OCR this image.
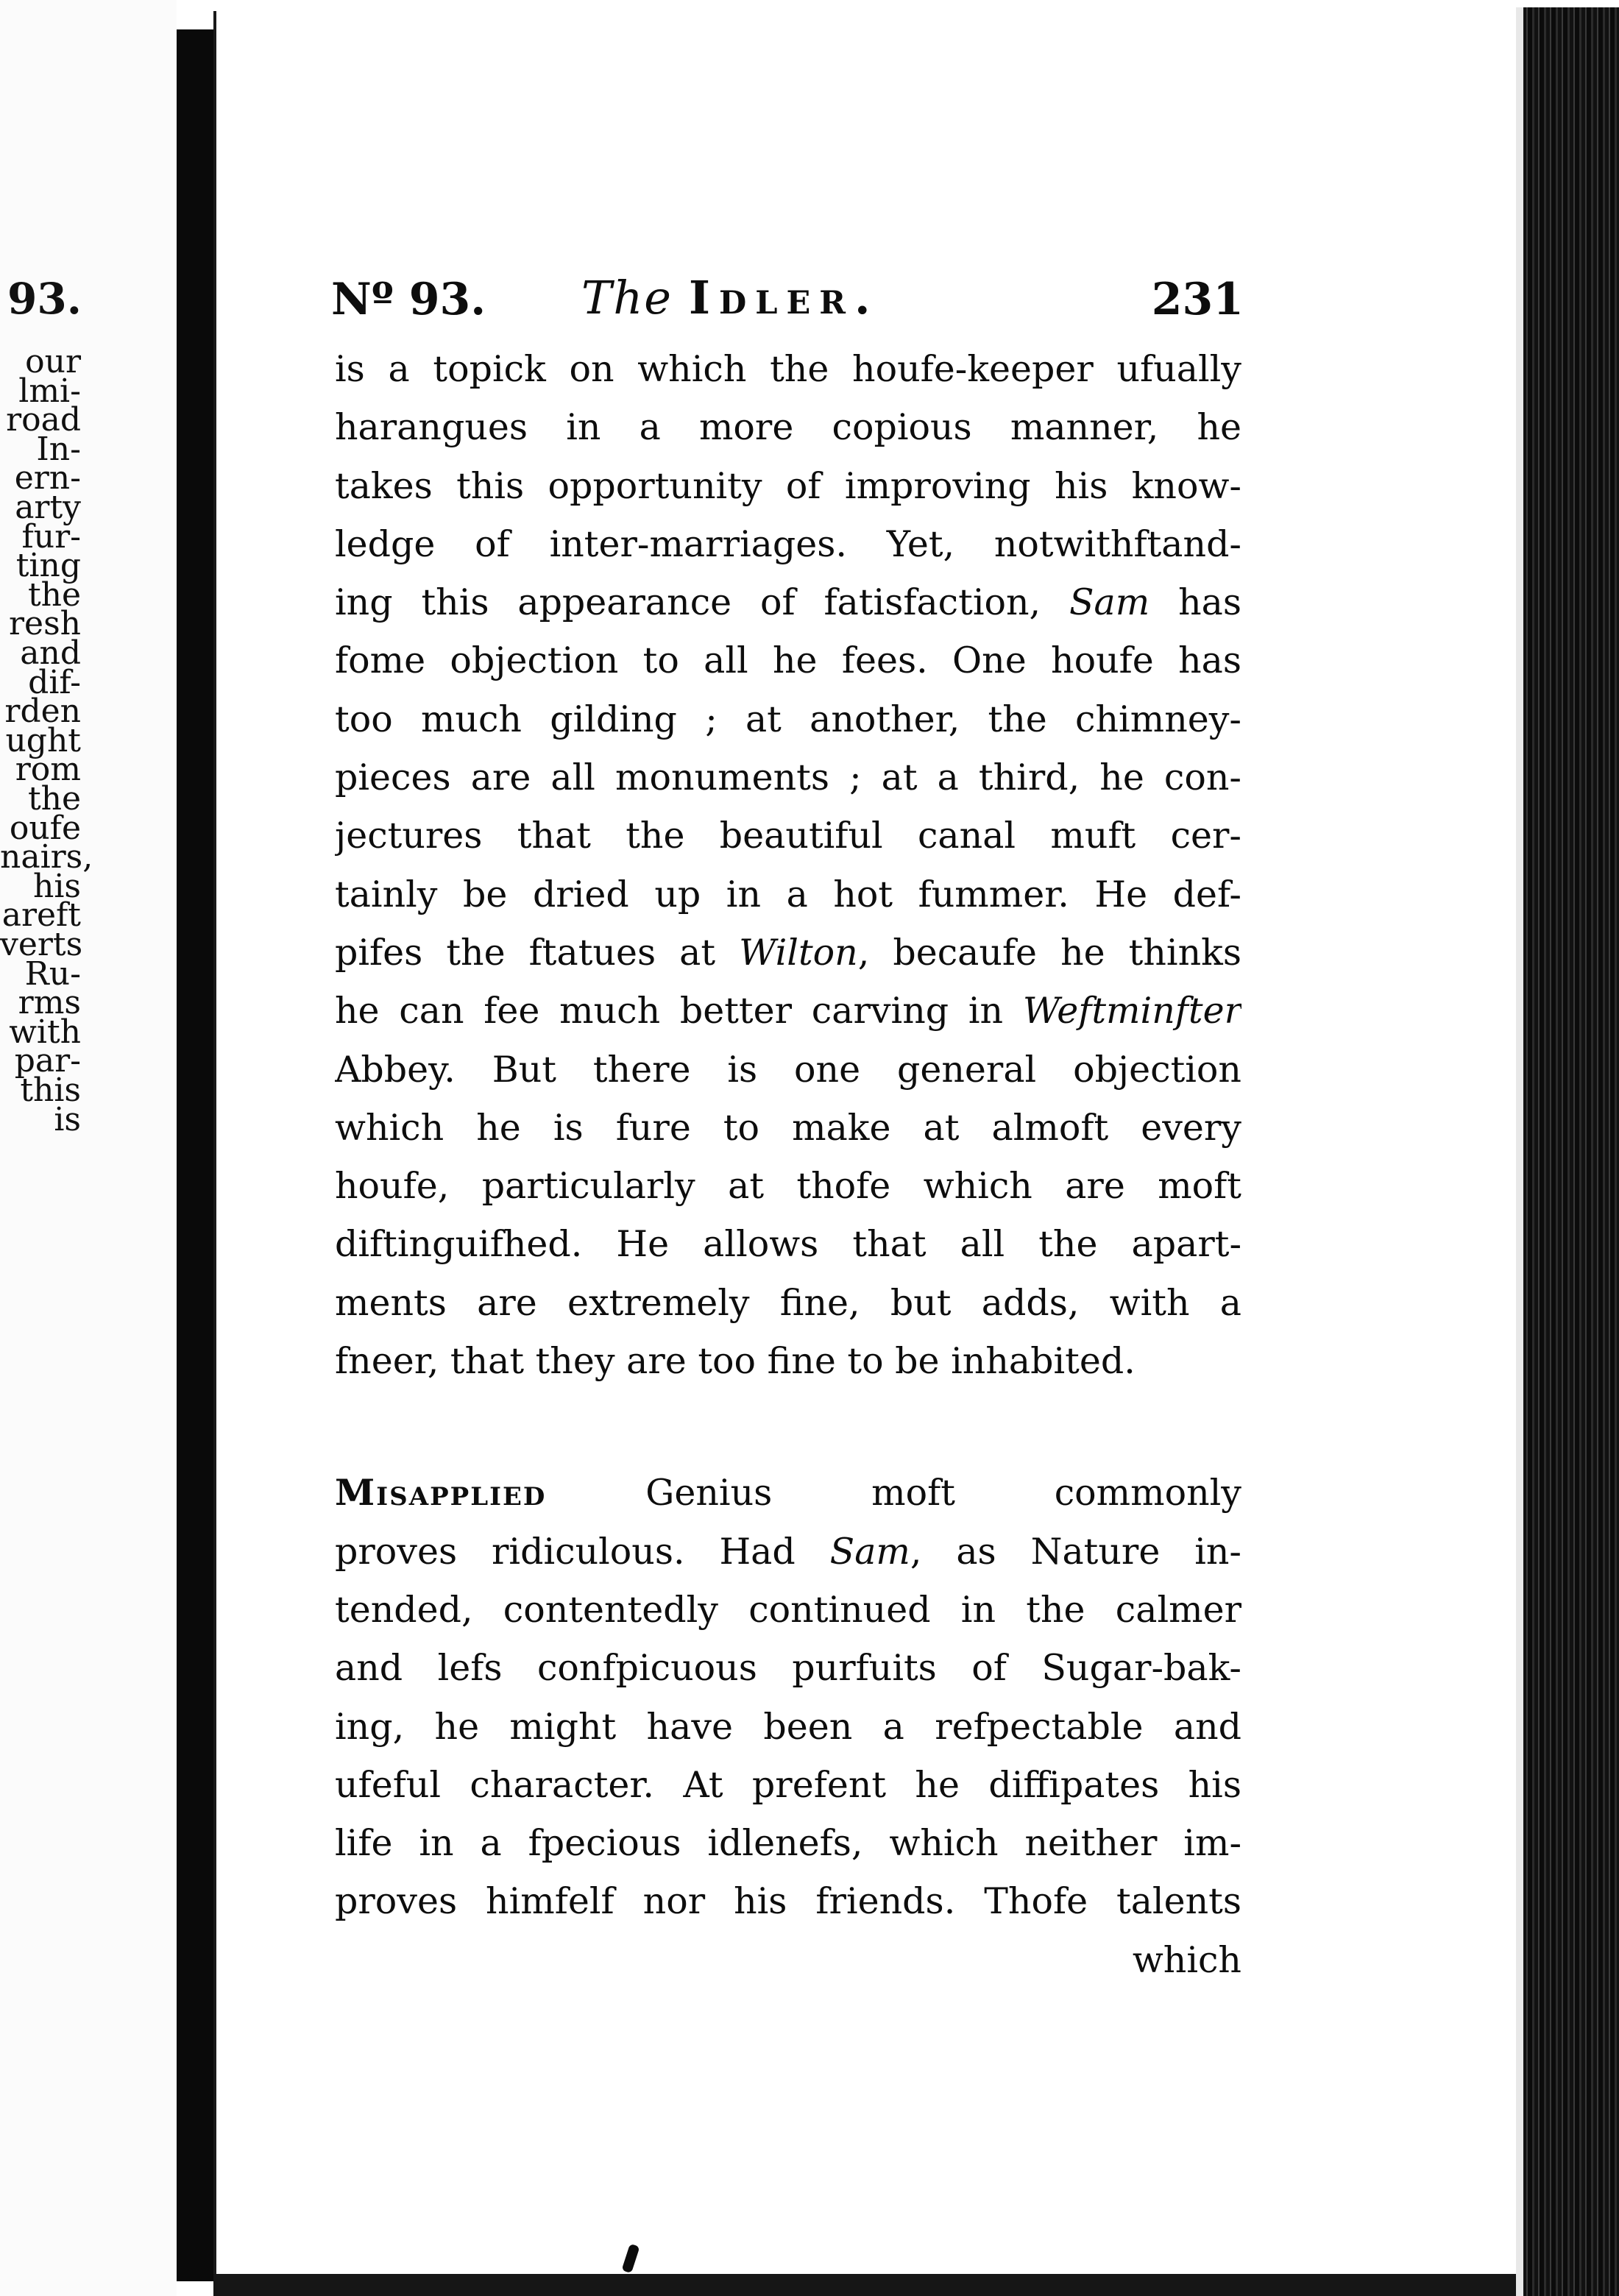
93.
our
lmi-
road
In-
ern-
arty
fur-
ting
the
resh
and
dif-
rden
ught
rom
the
oufe
nairs,
his
areft
verts
Ru-
rms
with
par-
this
is
Nº 93. The Idler.	231
is a topick on which the houfe-keeper ufually
harangues in a more copious manner, he
takes this opportunity of improving his know-
ledge of inter-marriages. Yet, notwithftand-
ing this appearance of fatisfaction, Sam has
fome objection to all he fees. One houfe has
too much gilding ; at another, the chimney-
pieces are all monuments ; at a third, he con-
jectures that the beautiful canal muft cer-
tainly be dried up in a hot fummer. He def-
pifes the ftatues at Wilton, becaufe he thinks
he can fee much better carving in Weftminfter
Abbey. But there is one general objection
which he is fure to make at almoft every
houfe, particularly at thofe which are moft
diftinguifhed. He allows that all the apart-
ments are extremely fine, but adds, with a
fneer, that they are too fine to be inhabited.
Misapplied Genius moft commonly
proves ridiculous. Had Sam, as Nature in-
tended, contentedly continued in the calmer
and lefs confpicuous purfuits of Sugar-bak-
ing, he might have been a refpectable and
ufeful character. At prefent he diffipates his
life in a fpecious idlenefs, which neither im-
proves himfelf nor his friends. Thofe talents
which
